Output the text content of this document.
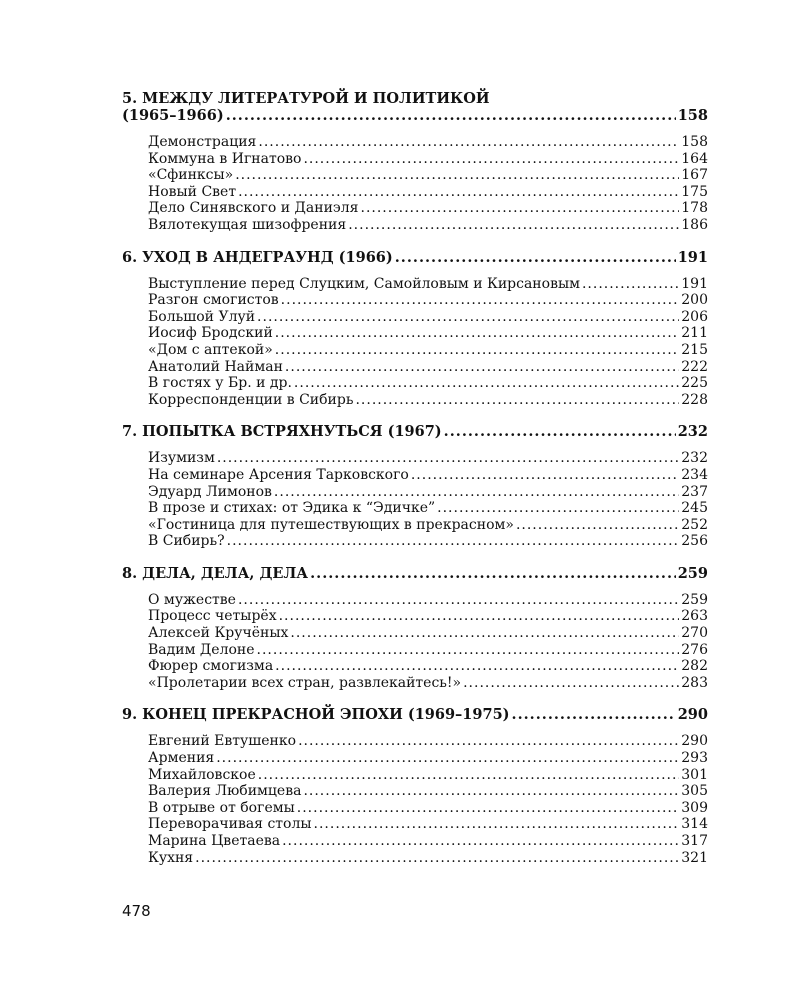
5. МЕЖДУ ЛИТЕРАТУРОЙ И ПОЛИТИКОЙ
(1965–1966) .....	158
Демонстрация .....	158
Коммуна в Игнатово .....	164
«Сфинксы» .....	167
Новый Свет .....	175
Дело Синявского и Даниэля .....	178
Вялотекущая шизофрения .....	186
6. УХОД В АНДЕГРАУНД (1966) .....	191
Выступление перед Слуцким, Самойловым и Кирсановым .....	191
Разгон смогистов .....	200
Большой Улуй .....	206
Иосиф Бродский .....	211
«Дом с аптекой» .....	215
Анатолий Найман .....	222
В гостях у Бр. и др. .....	225
Корреспонденции в Сибирь .....	228
7. ПОПЫТКА ВСТРЯХНУТЬСЯ (1967) .....	232
Изумизм .....	232
На семинаре Арсения Тарковского .....	234
Эдуард Лимонов .....	237
В прозе и стихах: от Эдика к “Эдичке” .....	245
«Гостиница для путешествующих в прекрасном» .....	252
В Сибирь? .....	256
8. ДЕЛА, ДЕЛА, ДЕЛА .....	259
О мужестве .....	259
Процесс четырёх .....	263
Алексей Кручёных .....	270
Вадим Делоне .....	276
Фюрер смогизма .....	282
«Пролетарии всех стран, развлекайтесь!» .....	283
9. КОНЕЦ ПРЕКРАСНОЙ ЭПОХИ (1969–1975) .....	290
Евгений Евтушенко .....	290
Армения .....	293
Михайловское .....	301
Валерия Любимцева .....	305
В отрыве от богемы .....	309
Переворачивая столы .....	314
Марина Цветаева .....	317
Кухня .....	321
478
